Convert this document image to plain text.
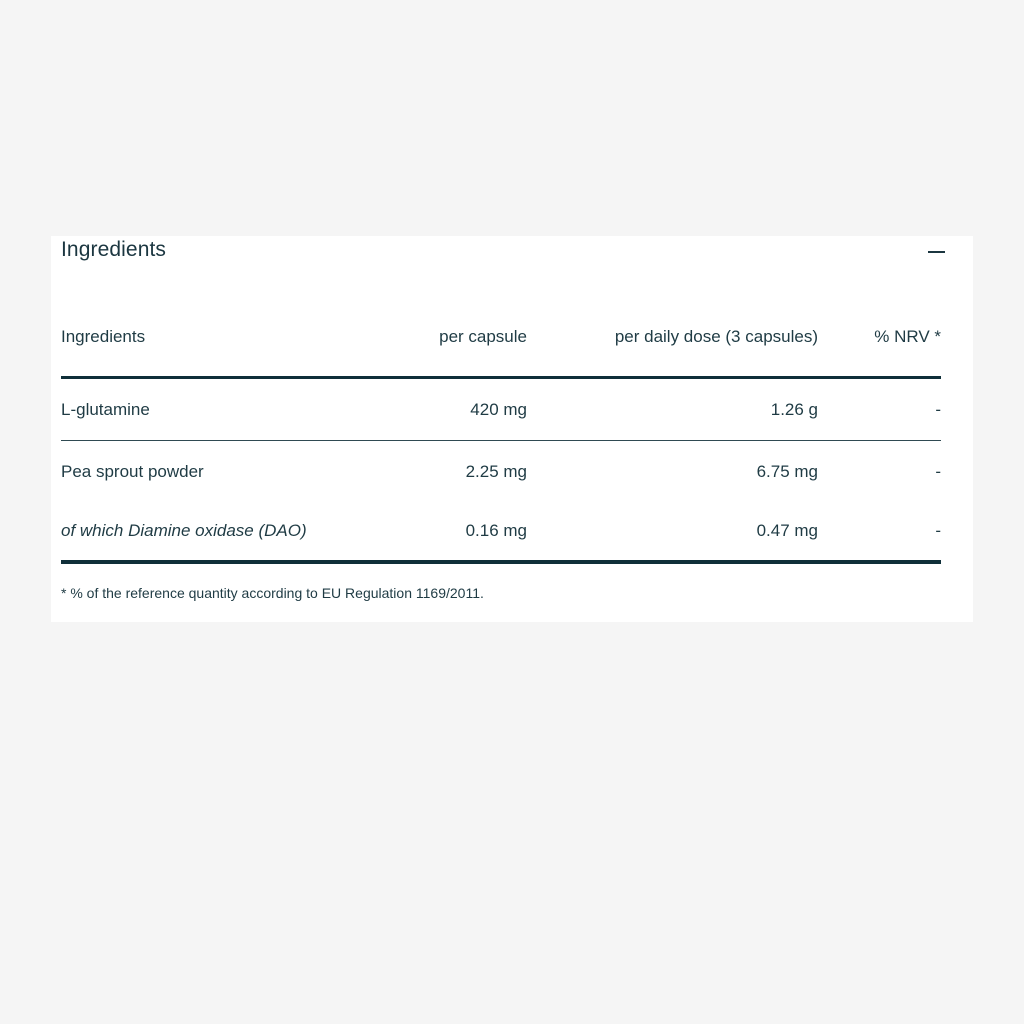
Ingredients
Ingredients	per capsule	per daily dose (3 capsules)	% NRV *
L-glutamine	420 mg	1.26 g	-
Pea sprout powder	2.25 mg	6.75 mg	-
of which Diamine oxidase (DAO)	0.16 mg	0.47 mg	-
* % of the reference quantity according to EU Regulation 1169/2011.
